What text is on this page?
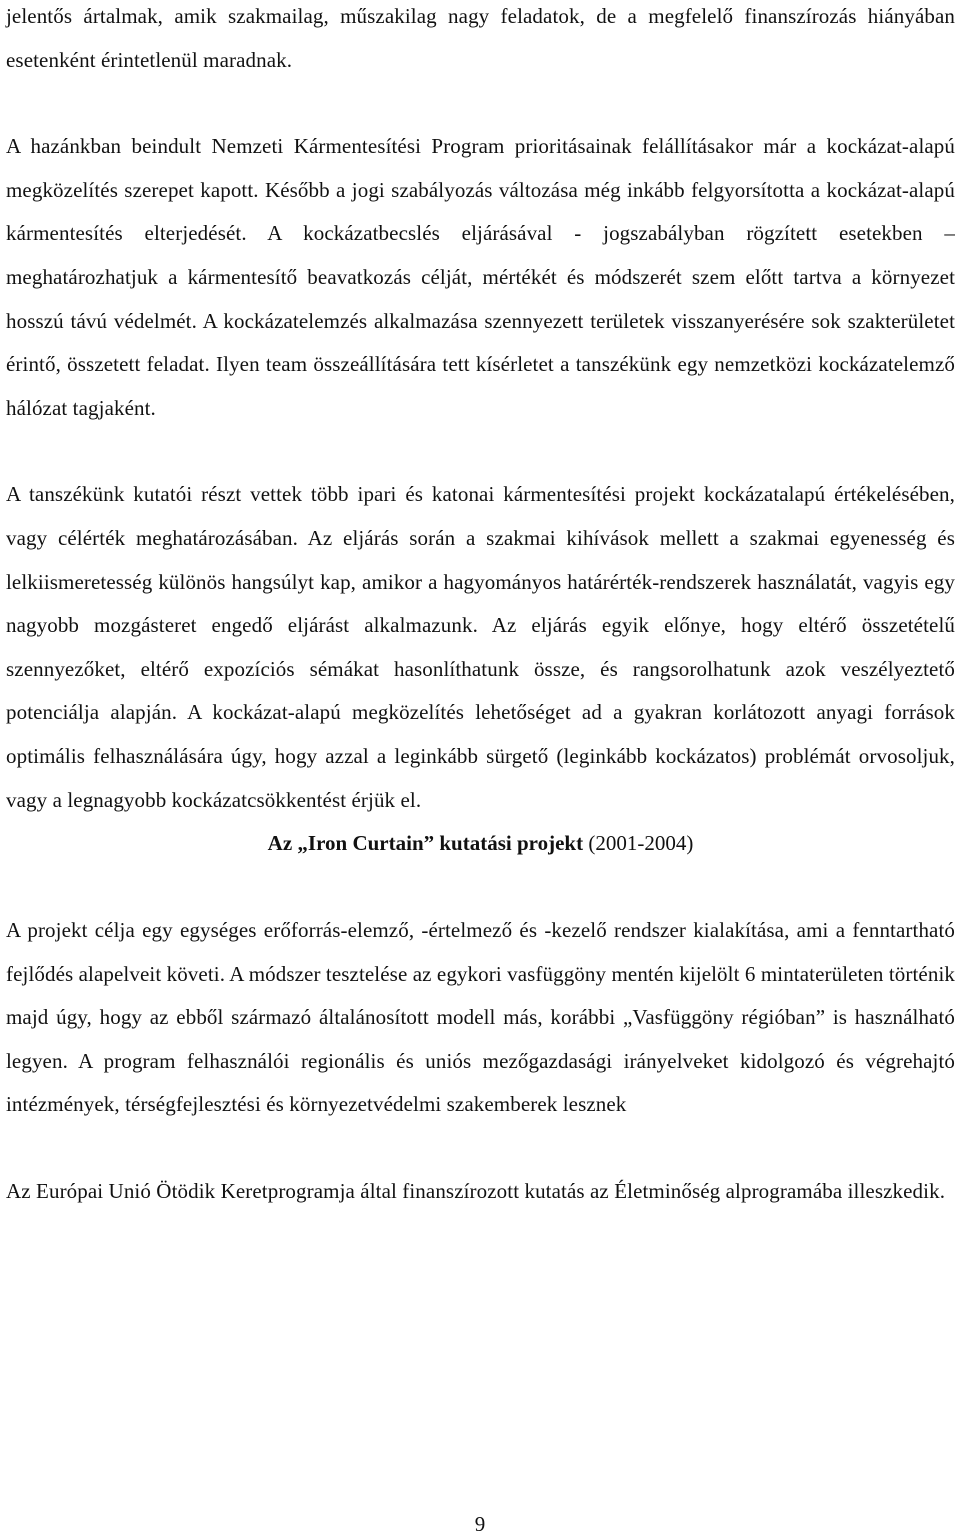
jelentős ártalmak, amik szakmailag, műszakilag nagy feladatok, de a megfelelő finanszírozás hiányában esetenként érintetlenül maradnak.

A hazánkban beindult Nemzeti Kármentesítési Program prioritásainak felállításakor már a kockázat-alapú megközelítés szerepet kapott. Később a jogi szabályozás változása még inkább felgyorsította a kockázat-alapú kármentesítés elterjedését. A kockázatbecslés eljárásával - jogszabályban rögzített esetekben – meghatározhatjuk a kármentesítő beavatkozás célját, mértékét és módszerét szem előtt tartva a környezet hosszú távú védelmét. A kockázatelemzés alkalmazása szennyezett területek visszanyerésére sok szakterületet érintő, összetett feladat. Ilyen team összeállítására tett kísérletet a tanszékünk egy nemzetközi kockázatelemző hálózat tagjaként.

A tanszékünk kutatói részt vettek több ipari és katonai kármentesítési projekt kockázatalapú értékelésében, vagy célérték meghatározásában. Az eljárás során a szakmai kihívások mellett a szakmai egyenesség és lelkiismeretesség különös hangsúlyt kap, amikor a hagyományos határérték-rendszerek használatát, vagyis egy nagyobb mozgásteret engedő eljárást alkalmazunk. Az eljárás egyik előnye, hogy eltérő összetételű szennyezőket, eltérő expozíciós sémákat hasonlíthatunk össze, és rangsorolhatunk azok veszélyeztető potenciálja alapján. A kockázat-alapú megközelítés lehetőséget ad a gyakran korlátozott anyagi források optimális felhasználására úgy, hogy azzal a leginkább sürgető (leginkább kockázatos) problémát orvosoljuk, vagy a legnagyobb kockázatcsökkentést érjük el.

Az „Iron Curtain” kutatási projekt (2001-2004)

A projekt célja egy egységes erőforrás-elemző, -értelmező és -kezelő rendszer kialakítása, ami a fenntartható fejlődés alapelveit követi. A módszer tesztelése az egykori vasfüggöny mentén kijelölt 6 mintaterületen történik majd úgy, hogy az ebből származó általánosított modell más, korábbi „Vasfüggöny régióban” is használható legyen. A program felhasználói regionális és uniós mezőgazdasági irányelveket kidolgozó és végrehajtó intézmények, térségfejlesztési és környezetvédelmi szakemberek lesznek

Az Európai Unió Ötödik Keretprogramja által finanszírozott kutatás az Életminőség alprogramába illeszkedik.

9
